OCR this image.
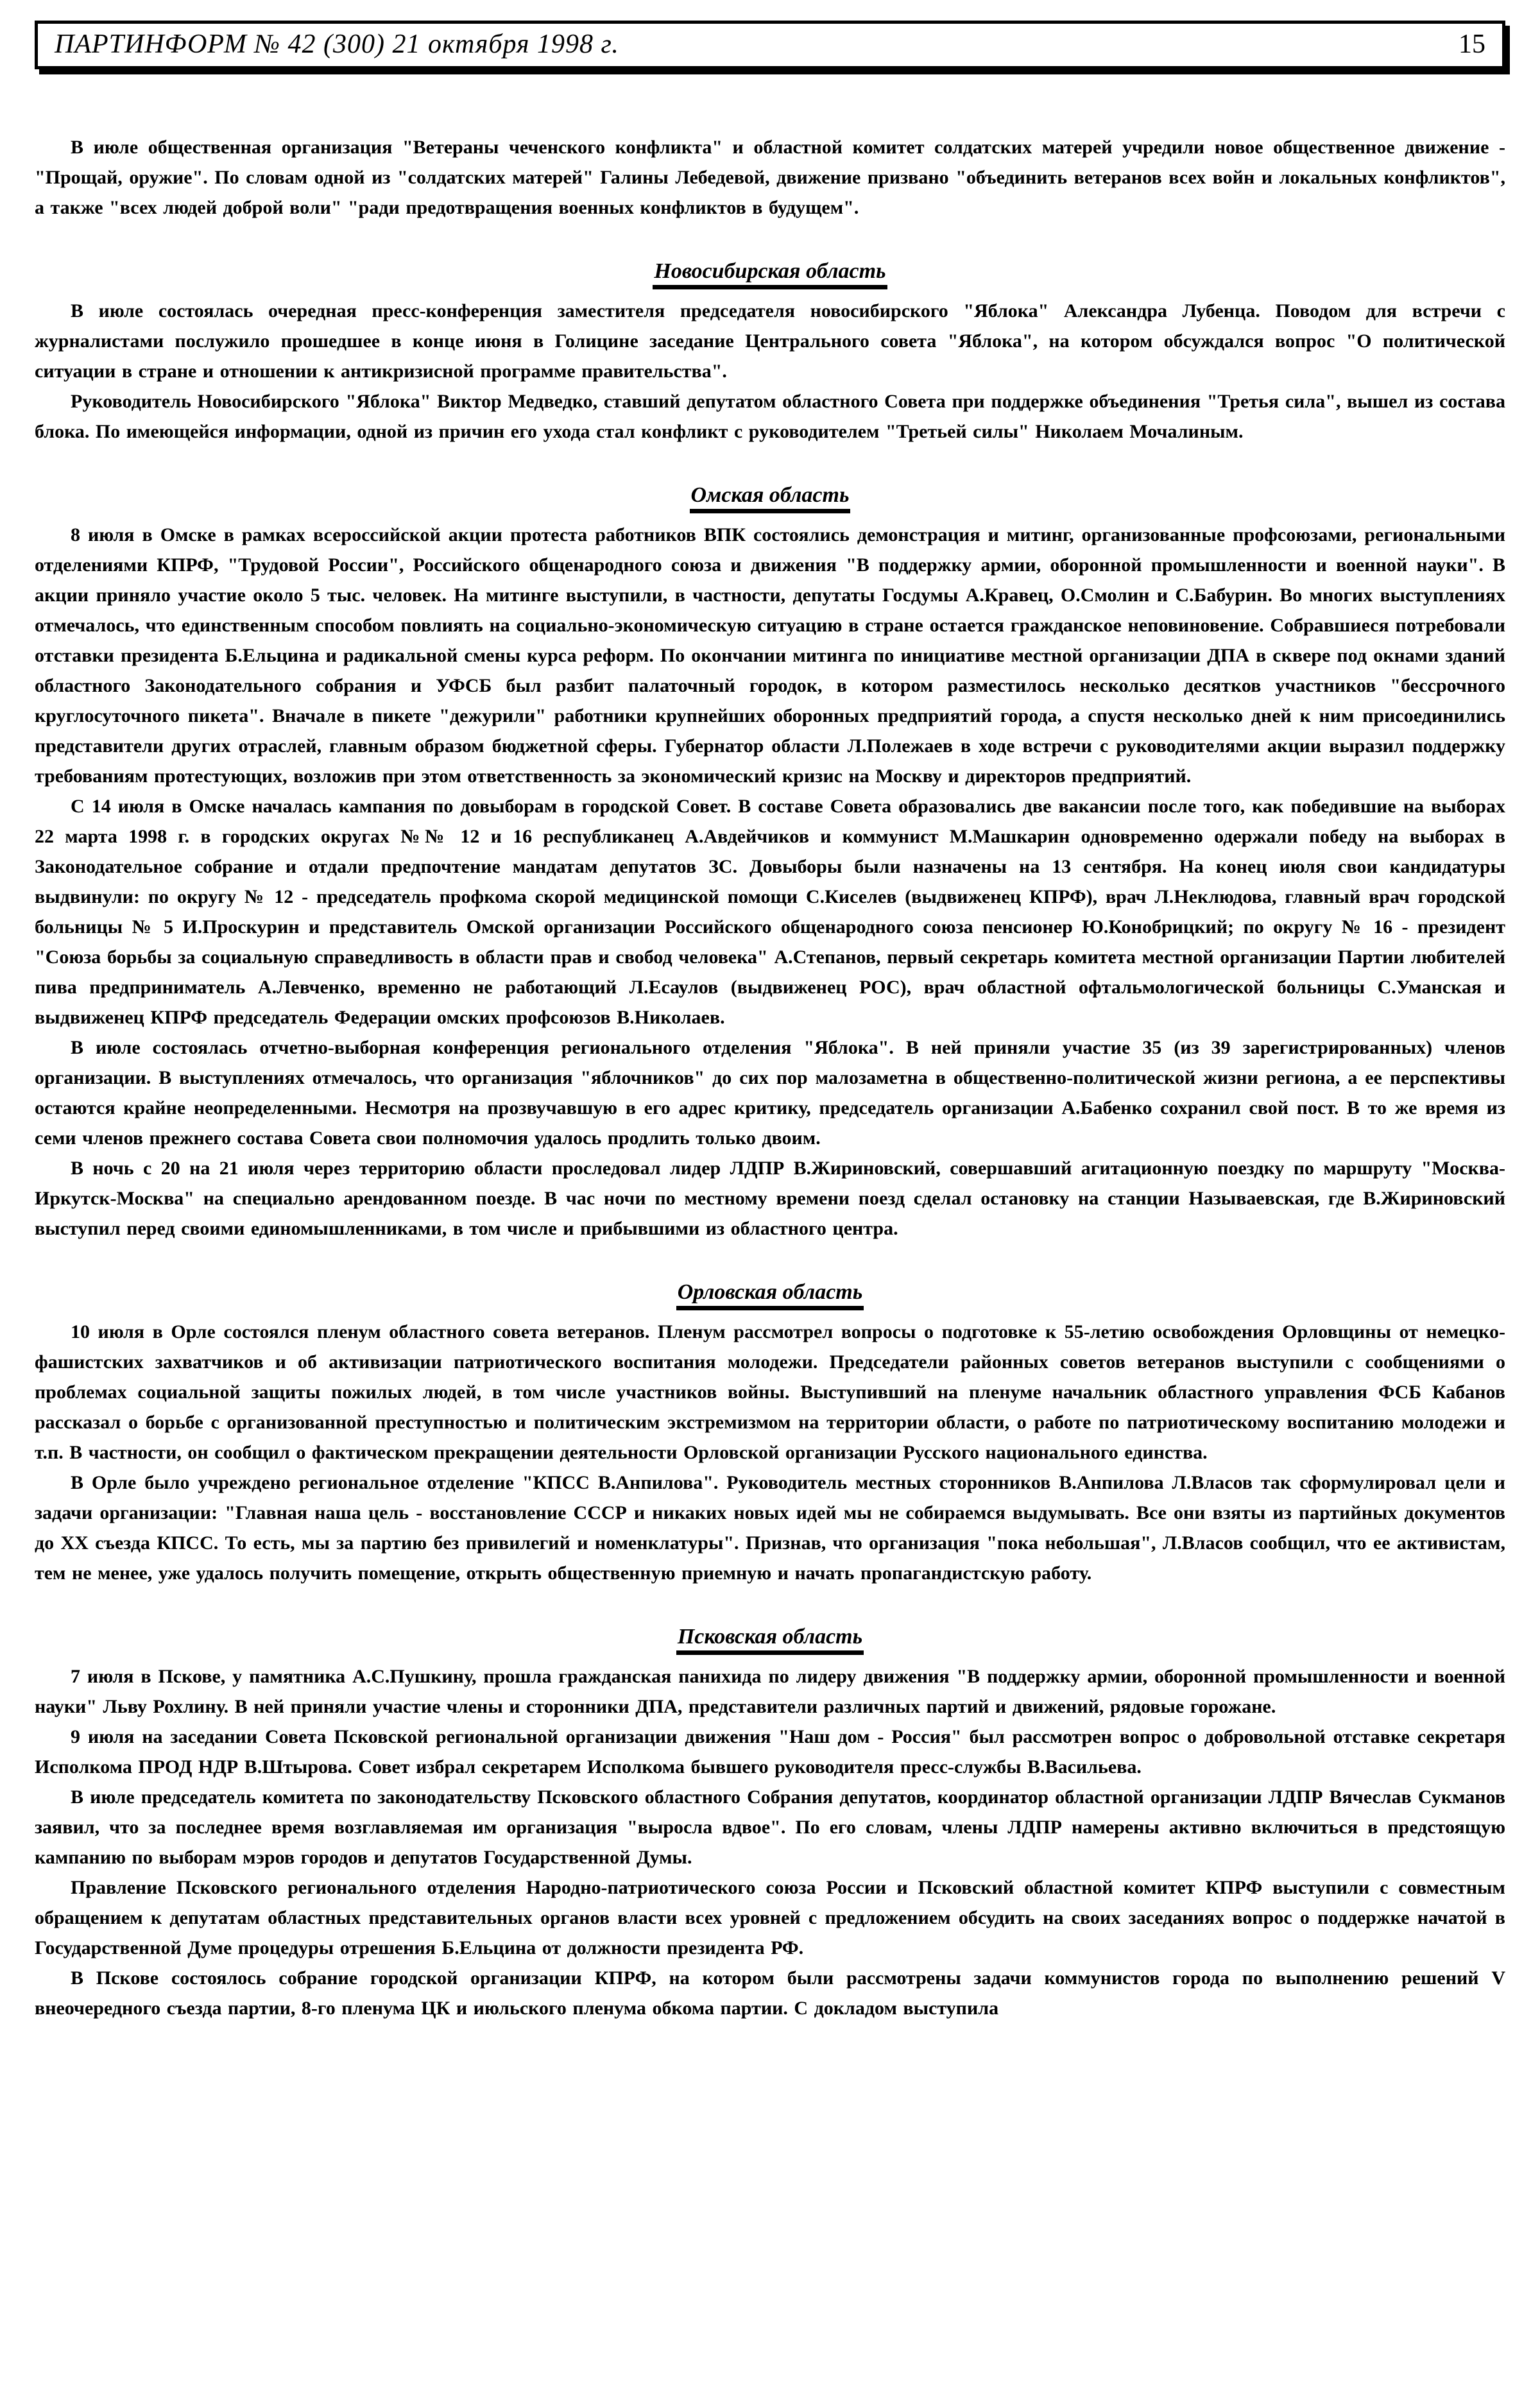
ПАРТИНФОРМ № 42 (300) 21 октября 1998 г.	15

В июле общественная организация "Ветераны чеченского конфликта" и областной комитет солдатских матерей учредили новое общественное движение - "Прощай, оружие". По словам одной из "солдатских матерей" Галины Лебедевой, движение призвано "объединить ветеранов всех войн и локальных конфликтов", а также "всех людей доброй воли" "ради предотвращения военных конфликтов в будущем".

Новосибирская область

В июле состоялась очередная пресс-конференция заместителя председателя новосибирского "Яблока" Александра Лубенца. Поводом для встречи с журналистами послужило прошедшее в конце июня в Голицине заседание Центрального совета "Яблока", на котором обсуждался вопрос "О политической ситуации в стране и отношении к антикризисной программе правительства".

Руководитель Новосибирского "Яблока" Виктор Медведко, ставший депутатом областного Совета при поддержке объединения "Третья сила", вышел из состава блока. По имеющейся информации, одной из причин его ухода стал конфликт с руководителем "Третьей силы" Николаем Мочалиным.

Омская область

8 июля в Омске в рамках всероссийской акции протеста работников ВПК состоялись демонстрация и митинг, организованные профсоюзами, региональными отделениями КПРФ, "Трудовой России", Российского общенародного союза и движения "В поддержку армии, оборонной промышленности и военной науки". В акции приняло участие около 5 тыс. человек. На митинге выступили, в частности, депутаты Госдумы А.Кравец, О.Смолин и С.Бабурин. Во многих выступлениях отмечалось, что единственным способом повлиять на социально-экономическую ситуацию в стране остается гражданское неповиновение. Собравшиеся потребовали отставки президента Б.Ельцина и радикальной смены курса реформ. По окончании митинга по инициативе местной организации ДПА в сквере под окнами зданий областного Законодательного собрания и УФСБ был разбит палаточный городок, в котором разместилось несколько десятков участников "бессрочного круглосуточного пикета". Вначале в пикете "дежурили" работники крупнейших оборонных предприятий города, а спустя несколько дней к ним присоединились представители других отраслей, главным образом бюджетной сферы. Губернатор области Л.Полежаев в ходе встречи с руководителями акции выразил поддержку требованиям протестующих, возложив при этом ответственность за экономический кризис на Москву и директоров предприятий.

С 14 июля в Омске началась кампания по довыборам в городской Совет. В составе Совета образовались две вакансии после того, как победившие на выборах 22 марта 1998 г. в городских округах №№ 12 и 16 республиканец А.Авдейчиков и коммунист М.Машкарин одновременно одержали победу на выборах в Законодательное собрание и отдали предпочтение мандатам депутатов ЗС. Довыборы были назначены на 13 сентября. На конец июля свои кандидатуры выдвинули: по округу № 12 - председатель профкома скорой медицинской помощи С.Киселев (выдвиженец КПРФ), врач Л.Неклюдова, главный врач городской больницы № 5 И.Проскурин и представитель Омской организации Российского общенародного союза пенсионер Ю.Конобрицкий; по округу № 16 - президент "Союза борьбы за социальную справедливость в области прав и свобод человека" А.Степанов, первый секретарь комитета местной организации Партии любителей пива предприниматель А.Левченко, временно не работающий Л.Есаулов (выдвиженец РОС), врач областной офтальмологической больницы С.Уманская и выдвиженец КПРФ председатель Федерации омских профсоюзов В.Николаев.

В июле состоялась отчетно-выборная конференция регионального отделения "Яблока". В ней приняли участие 35 (из 39 зарегистрированных) членов организации. В выступлениях отмечалось, что организация "яблочников" до сих пор малозаметна в общественно-политической жизни региона, а ее перспективы остаются крайне неопределенными. Несмотря на прозвучавшую в его адрес критику, председатель организации А.Бабенко сохранил свой пост. В то же время из семи членов прежнего состава Совета свои полномочия удалось продлить только двоим.

В ночь с 20 на 21 июля через территорию области проследовал лидер ЛДПР В.Жириновский, совершавший агитационную поездку по маршруту "Москва-Иркутск-Москва" на специально арендованном поезде. В час ночи по местному времени поезд сделал остановку на станции Называевская, где В.Жириновский выступил перед своими единомышленниками, в том числе и прибывшими из областного центра.

Орловская область

10 июля в Орле состоялся пленум областного совета ветеранов. Пленум рассмотрел вопросы о подготовке к 55-летию освобождения Орловщины от немецко-фашистских захватчиков и об активизации патриотического воспитания молодежи. Председатели районных советов ветеранов выступили с сообщениями о проблемах социальной защиты пожилых людей, в том числе участников войны. Выступивший на пленуме начальник областного управления ФСБ Кабанов рассказал о борьбе с организованной преступностью и политическим экстремизмом на территории области, о работе по патриотическому воспитанию молодежи и т.п. В частности, он сообщил о фактическом прекращении деятельности Орловской организации Русского национального единства.

В Орле было учреждено региональное отделение "КПСС В.Анпилова". Руководитель местных сторонников В.Анпилова Л.Власов так сформулировал цели и задачи организации: "Главная наша цель - восстановление СССР и никаких новых идей мы не собираемся выдумывать. Все они взяты из партийных документов до XX съезда КПСС. То есть, мы за партию без привилегий и номенклатуры". Признав, что организация "пока небольшая", Л.Власов сообщил, что ее активистам, тем не менее, уже удалось получить помещение, открыть общественную приемную и начать пропагандистскую работу.

Псковская область

7 июля в Пскове, у памятника А.С.Пушкину, прошла гражданская панихида по лидеру движения "В поддержку армии, оборонной промышленности и военной науки" Льву Рохлину. В ней приняли участие члены и сторонники ДПА, представители различных партий и движений, рядовые горожане.

9 июля на заседании Совета Псковской региональной организации движения "Наш дом - Россия" был рассмотрен вопрос о добровольной отставке секретаря Исполкома ПРОД НДР В.Штырова. Совет избрал секретарем Исполкома бывшего руководителя пресс-службы В.Васильева.

В июле председатель комитета по законодательству Псковского областного Собрания депутатов, координатор областной организации ЛДПР Вячеслав Сукманов заявил, что за последнее время возглавляемая им организация "выросла вдвое". По его словам, члены ЛДПР намерены активно включиться в предстоящую кампанию по выборам мэров городов и депутатов Государственной Думы.

Правление Псковского регионального отделения Народно-патриотического союза России и Псковский областной комитет КПРФ выступили с совместным обращением к депутатам областных представительных органов власти всех уровней с предложением обсудить на своих заседаниях вопрос о поддержке начатой в Государственной Думе процедуры отрешения Б.Ельцина от должности президента РФ.

В Пскове состоялось собрание городской организации КПРФ, на котором были рассмотрены задачи коммунистов города по выполнению решений V внеочередного съезда партии, 8-го пленума ЦК и июльского пленума обкома партии. С докладом выступила
